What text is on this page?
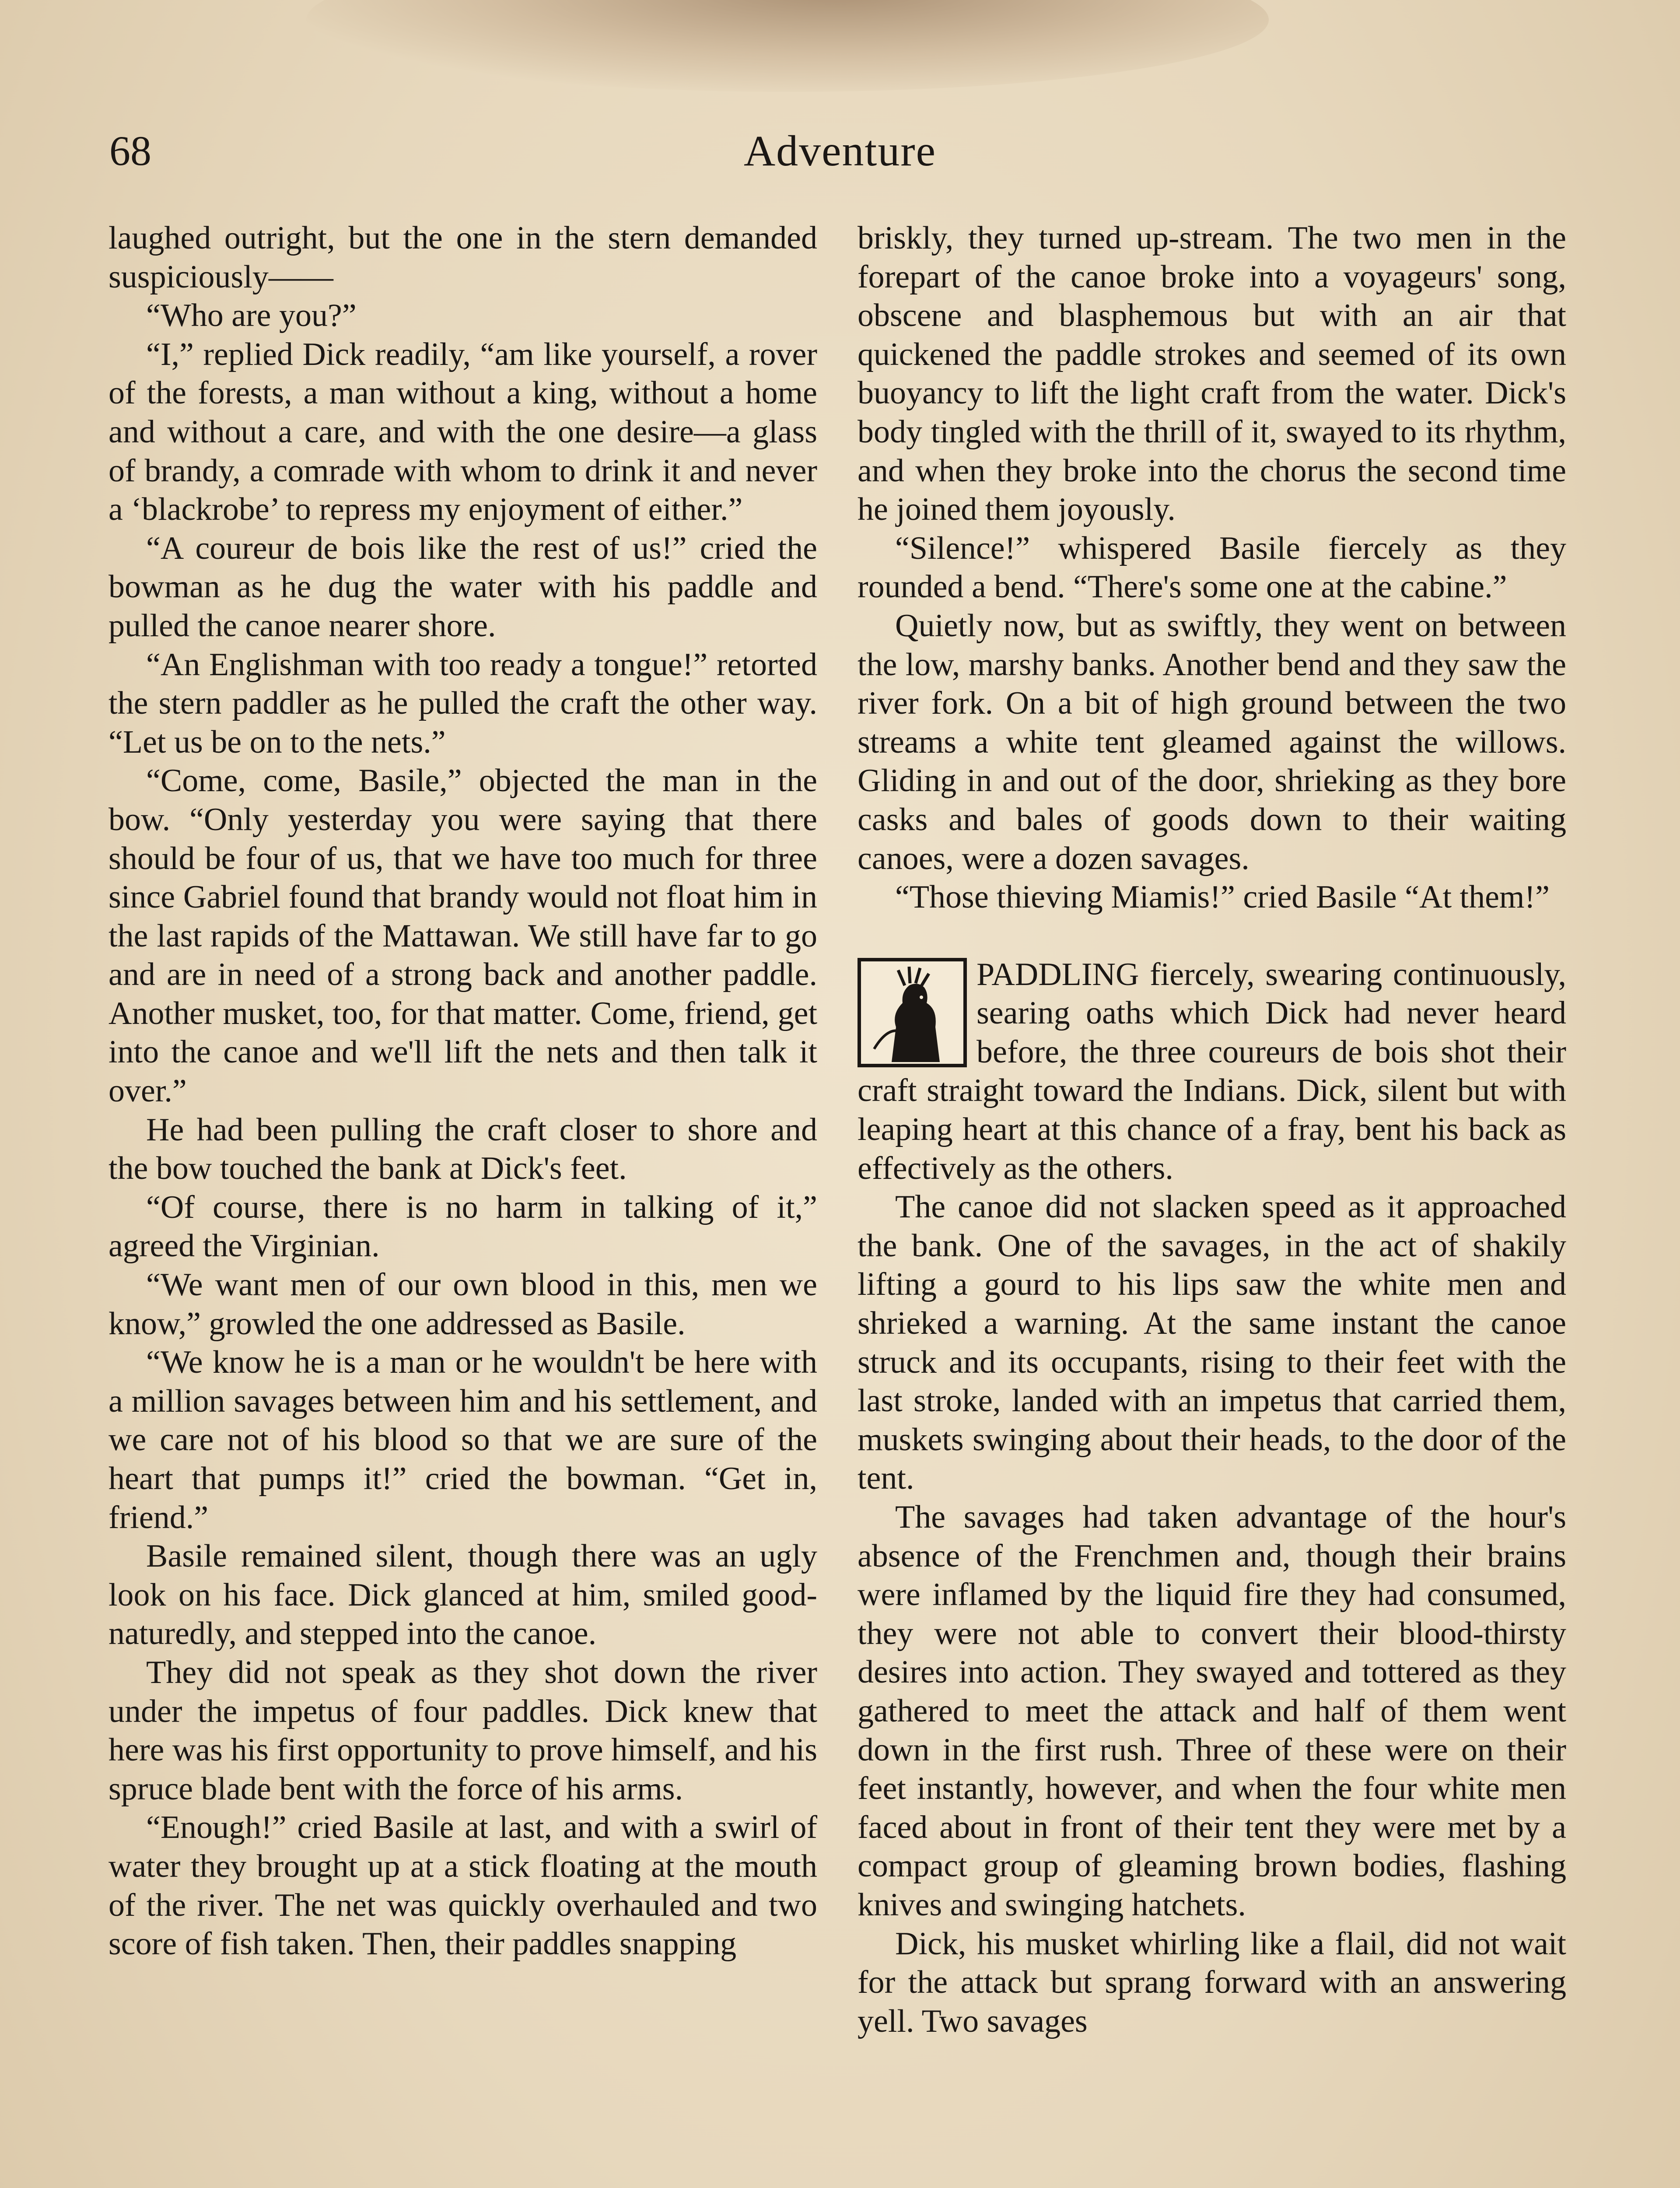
68	Adventure

laughed outright, but the one in the stern demanded suspiciously——

“Who are you?”

“I,” replied Dick readily, “am like yourself, a rover of the forests, a man without a king, without a home and without a care, and with the one desire—a glass of brandy, a comrade with whom to drink it and never a ‘blackrobe’ to repress my enjoyment of either.”

“A coureur de bois like the rest of us!” cried the bowman as he dug the water with his paddle and pulled the canoe nearer shore.

“An Englishman with too ready a tongue!” retorted the stern paddler as he pulled the craft the other way. “Let us be on to the nets.”

“Come, come, Basile,” objected the man in the bow. “Only yesterday you were saying that there should be four of us, that we have too much for three since Gabriel found that brandy would not float him in the last rapids of the Mattawan. We still have far to go and are in need of a strong back and another paddle. Another musket, too, for that matter. Come, friend, get into the canoe and we'll lift the nets and then talk it over.”

He had been pulling the craft closer to shore and the bow touched the bank at Dick's feet.

“Of course, there is no harm in talking of it,” agreed the Virginian.

“We want men of our own blood in this, men we know,” growled the one addressed as Basile.

“We know he is a man or he wouldn't be here with a million savages between him and his settlement, and we care not of his blood so that we are sure of the heart that pumps it!” cried the bowman. “Get in, friend.”

Basile remained silent, though there was an ugly look on his face. Dick glanced at him, smiled good-naturedly, and stepped into the canoe.

They did not speak as they shot down the river under the impetus of four paddles. Dick knew that here was his first opportunity to prove himself, and his spruce blade bent with the force of his arms.

“Enough!” cried Basile at last, and with a swirl of water they brought up at a stick floating at the mouth of the river. The net was quickly overhauled and two score of fish taken. Then, their paddles snapping

briskly, they turned up-stream. The two men in the forepart of the canoe broke into a voyageurs' song, obscene and blasphemous but with an air that quickened the paddle strokes and seemed of its own buoyancy to lift the light craft from the water. Dick's body tingled with the thrill of it, swayed to its rhythm, and when they broke into the chorus the second time he joined them joyously.

“Silence!” whispered Basile fiercely as they rounded a bend. “There's some one at the cabine.”

Quietly now, but as swiftly, they went on between the low, marshy banks. Another bend and they saw the river fork. On a bit of high ground between the two streams a white tent gleamed against the willows. Gliding in and out of the door, shrieking as they bore casks and bales of goods down to their waiting canoes, were a dozen savages.

“Those thieving Miamis!” cried Basile “At them!”

PADDLING fiercely, swearing continuously, searing oaths which Dick had never heard before, the three coureurs de bois shot their craft straight toward the Indians. Dick, silent but with leaping heart at this chance of a fray, bent his back as effectively as the others.

The canoe did not slacken speed as it approached the bank. One of the savages, in the act of shakily lifting a gourd to his lips saw the white men and shrieked a warning. At the same instant the canoe struck and its occupants, rising to their feet with the last stroke, landed with an impetus that carried them, muskets swinging about their heads, to the door of the tent.

The savages had taken advantage of the hour's absence of the Frenchmen and, though their brains were inflamed by the liquid fire they had consumed, they were not able to convert their blood-thirsty desires into action. They swayed and tottered as they gathered to meet the attack and half of them went down in the first rush. Three of these were on their feet instantly, however, and when the four white men faced about in front of their tent they were met by a compact group of gleaming brown bodies, flashing knives and swinging hatchets.

Dick, his musket whirling like a flail, did not wait for the attack but sprang forward with an answering yell. Two savages
